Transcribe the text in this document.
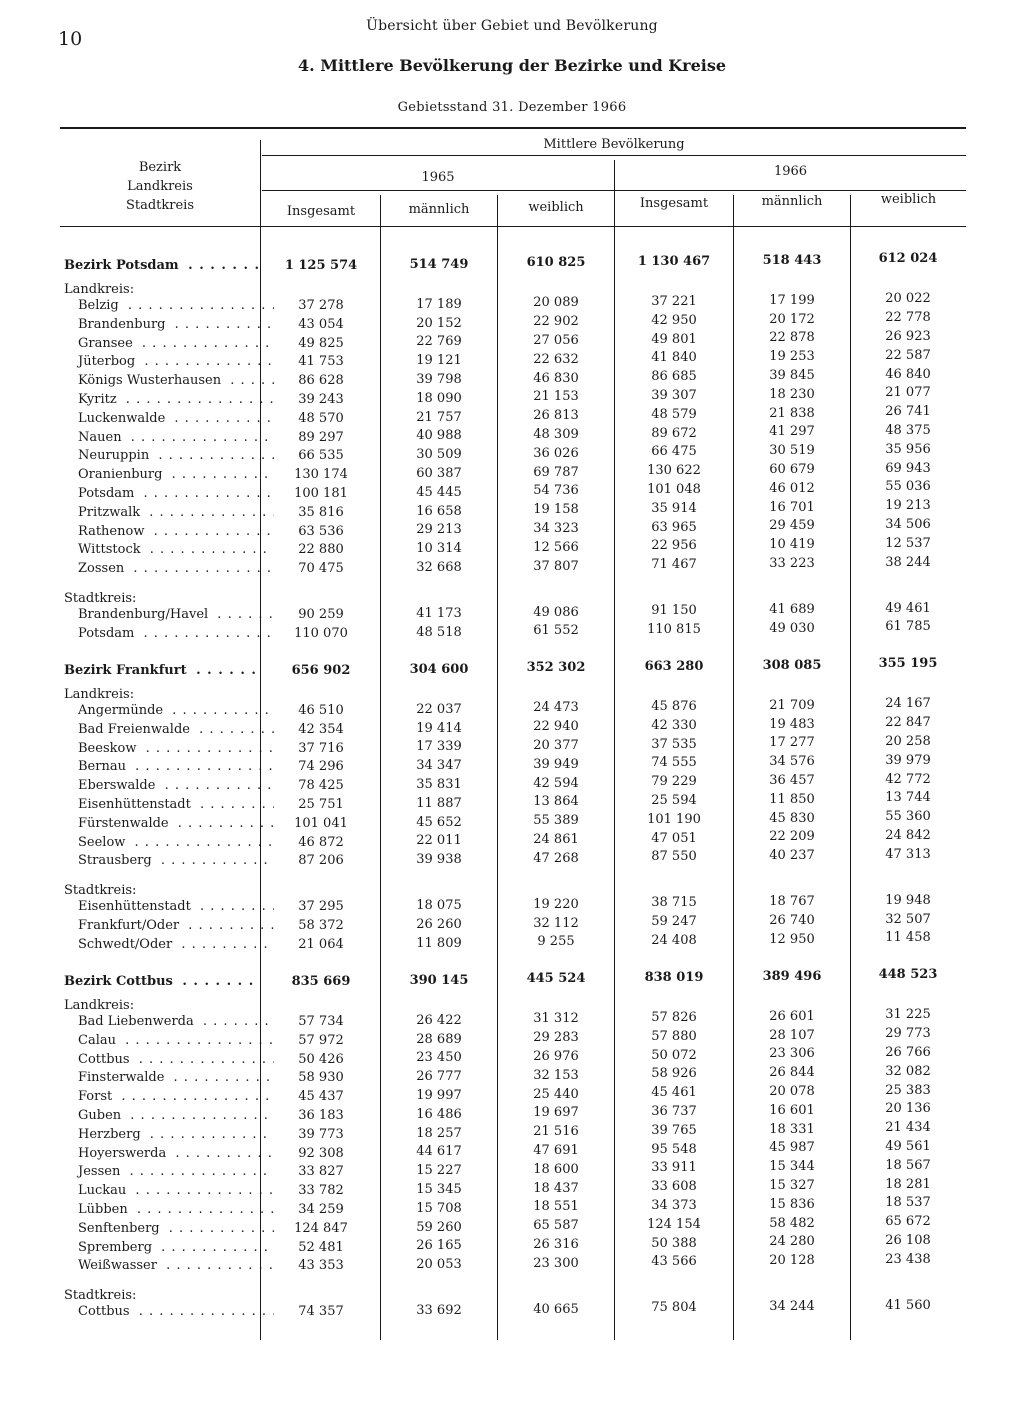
10
Übersicht über Gebiet und Bevölkerung
4. Mittlere Bevölkerung der Bezirke und Kreise
Gebietsstand 31. Dezember 1966
Bezirk
Landkreis
Stadtkreis
Mittlere Bevölkerung
1965	1966
Insgesamt	männlich	weiblich	Insgesamt	männlich	weiblich
Bezirk Potsdam . . .	1 125 574	514 749	610 825	1 130 467	518 443	612 024
Landkreis:
Belzig . . .	37 278	17 189	20 089	37 221	17 199	20 022
Brandenburg . . .	43 054	20 152	22 902	42 950	20 172	22 778
Gransee . . .	49 825	22 769	27 056	49 801	22 878	26 923
Jüterbog . . .	41 753	19 121	22 632	41 840	19 253	22 587
Königs Wusterhausen . . .	86 628	39 798	46 830	86 685	39 845	46 840
Kyritz . . .	39 243	18 090	21 153	39 307	18 230	21 077
Luckenwalde . . .	48 570	21 757	26 813	48 579	21 838	26 741
Nauen . . .	89 297	40 988	48 309	89 672	41 297	48 375
Neuruppin . . .	66 535	30 509	36 026	66 475	30 519	35 956
Oranienburg . . .	130 174	60 387	69 787	130 622	60 679	69 943
Potsdam . . .	100 181	45 445	54 736	101 048	46 012	55 036
Pritzwalk . . .	35 816	16 658	19 158	35 914	16 701	19 213
Rathenow . . .	63 536	29 213	34 323	63 965	29 459	34 506
Wittstock . . .	22 880	10 314	12 566	22 956	10 419	12 537
Zossen . . .	70 475	32 668	37 807	71 467	33 223	38 244
Stadtkreis:
Brandenburg/Havel . . .	90 259	41 173	49 086	91 150	41 689	49 461
Potsdam . . .	110 070	48 518	61 552	110 815	49 030	61 785
Bezirk Frankfurt . . .	656 902	304 600	352 302	663 280	308 085	355 195
Landkreis:
Angermünde . . .	46 510	22 037	24 473	45 876	21 709	24 167
Bad Freienwalde . . .	42 354	19 414	22 940	42 330	19 483	22 847
Beeskow . . .	37 716	17 339	20 377	37 535	17 277	20 258
Bernau . . .	74 296	34 347	39 949	74 555	34 576	39 979
Eberswalde . . .	78 425	35 831	42 594	79 229	36 457	42 772
Eisenhüttenstadt . . .	25 751	11 887	13 864	25 594	11 850	13 744
Fürstenwalde . . .	101 041	45 652	55 389	101 190	45 830	55 360
Seelow . . .	46 872	22 011	24 861	47 051	22 209	24 842
Strausberg . . .	87 206	39 938	47 268	87 550	40 237	47 313
Stadtkreis:
Eisenhüttenstadt . . .	37 295	18 075	19 220	38 715	18 767	19 948
Frankfurt/Oder . . .	58 372	26 260	32 112	59 247	26 740	32 507
Schwedt/Oder . . .	21 064	11 809	9 255	24 408	12 950	11 458
Bezirk Cottbus . . .	835 669	390 145	445 524	838 019	389 496	448 523
Landkreis:
Bad Liebenwerda . . .	57 734	26 422	31 312	57 826	26 601	31 225
Calau . . .	57 972	28 689	29 283	57 880	28 107	29 773
Cottbus . . .	50 426	23 450	26 976	50 072	23 306	26 766
Finsterwalde . . .	58 930	26 777	32 153	58 926	26 844	32 082
Forst . . .	45 437	19 997	25 440	45 461	20 078	25 383
Guben . . .	36 183	16 486	19 697	36 737	16 601	20 136
Herzberg . . .	39 773	18 257	21 516	39 765	18 331	21 434
Hoyerswerda . . .	92 308	44 617	47 691	95 548	45 987	49 561
Jessen . . .	33 827	15 227	18 600	33 911	15 344	18 567
Luckau . . .	33 782	15 345	18 437	33 608	15 327	18 281
Lübben . . .	34 259	15 708	18 551	34 373	15 836	18 537
Senftenberg . . .	124 847	59 260	65 587	124 154	58 482	65 672
Spremberg . . .	52 481	26 165	26 316	50 388	24 280	26 108
Weißwasser . . .	43 353	20 053	23 300	43 566	20 128	23 438
Stadtkreis:
Cottbus . . .	74 357	33 692	40 665	75 804	34 244	41 560
